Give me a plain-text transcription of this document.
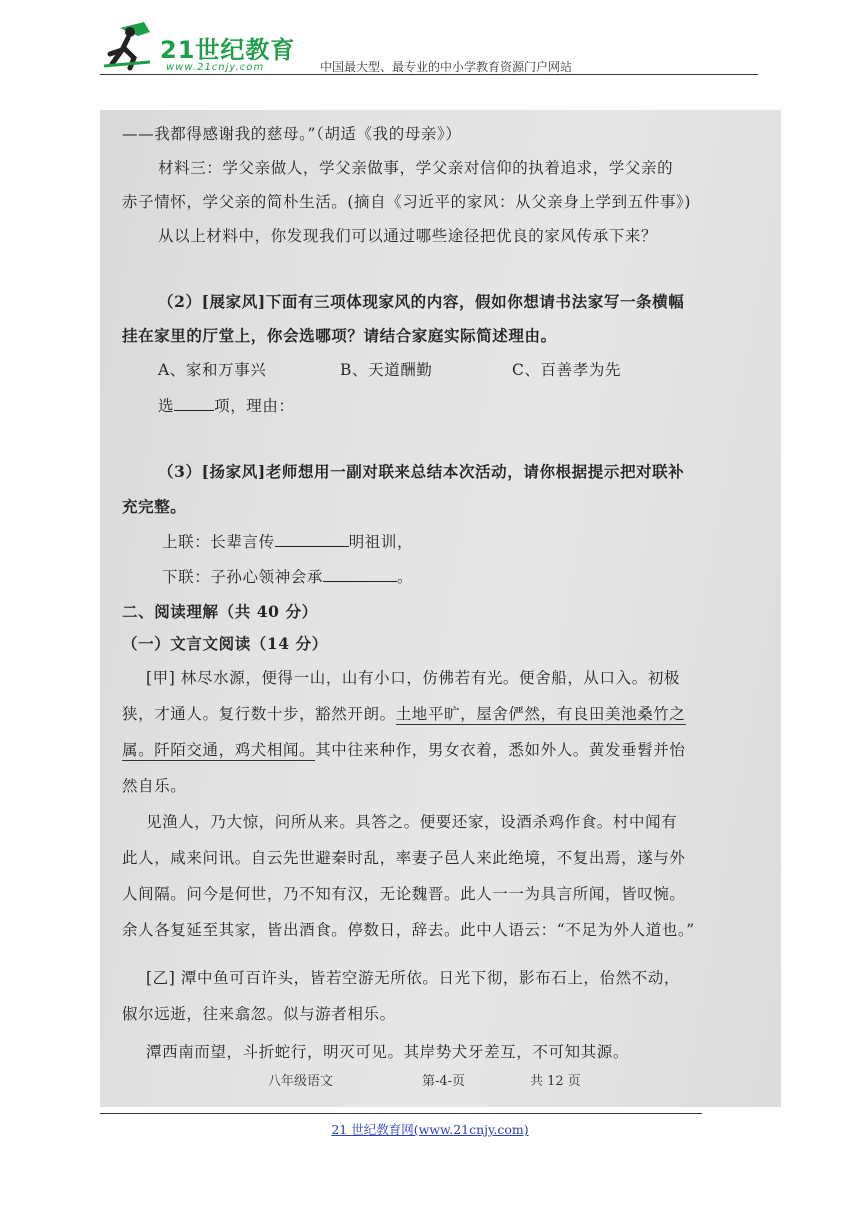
21世纪教育
www.21cnjy.com	中国最大型、最专业的中小学教育资源门户网站
——我都得感谢我的慈母。”（胡适《我的母亲》）
材料三：学父亲做人，学父亲做事，学父亲对信仰的执着追求，学父亲的
赤子情怀，学父亲的简朴生活。(摘自《习近平的家风：从父亲身上学到五件事》)
从以上材料中，你发现我们可以通过哪些途径把优良的家风传承下来？
（2）[展家风]下面有三项体现家风的内容，假如你想请书法家写一条横幅
挂在家里的厅堂上，你会选哪项？请结合家庭实际简述理由。
A、家和万事兴	B、天道酬勤	C、百善孝为先
选	项，理由：
（3）[扬家风]老师想用一副对联来总结本次活动，请你根据提示把对联补
充完整。
上联：长辈言传	明祖训，
下联：子孙心领神会承	。
二、阅读理解（共 40 分）
（一）文言文阅读（14 分）
[甲] 林尽水源，便得一山，山有小口，仿佛若有光。便舍船，从口入。初极
狭，才通人。复行数十步，豁然开朗。土地平旷，屋舍俨然，有良田美池桑竹之
属。阡陌交通，鸡犬相闻。其中往来种作，男女衣着，悉如外人。黄发垂髫并怡
然自乐。
见渔人，乃大惊，问所从来。具答之。便要还家，设酒杀鸡作食。村中闻有
此人，咸来问讯。自云先世避秦时乱，率妻子邑人来此绝境，不复出焉，遂与外
人间隔。问今是何世，乃不知有汉，无论魏晋。此人一一为具言所闻，皆叹惋。
余人各复延至其家，皆出酒食。停数日，辞去。此中人语云：“不足为外人道也。”
[乙] 潭中鱼可百许头，皆若空游无所依。日光下彻，影布石上，佁然不动，
俶尔远逝，往来翕忽。似与游者相乐。
潭西南而望，斗折蛇行，明灭可见。其岸势犬牙差互，不可知其源。
八年级语文	第-4-页	共 12 页
21 世纪教育网(www.21cnjy.com)
